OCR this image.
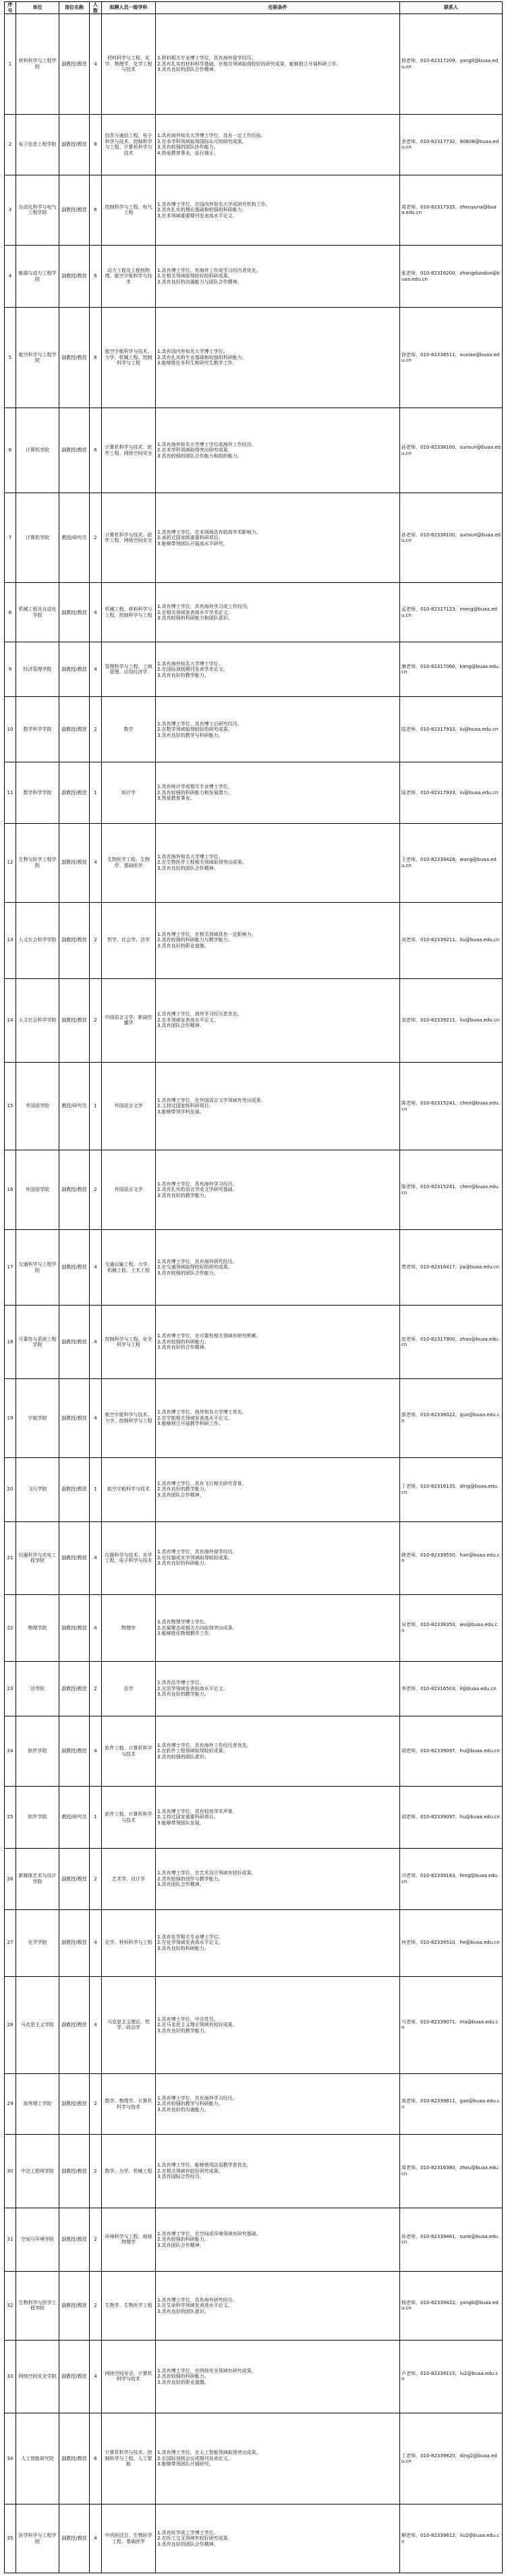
序号	单位	岗位名称	人数	拟聘人员一级学科	任职条件	联系人
1	材料科学与工程学院	副教授/教授	4	材料科学与工程、化学、物理学、化学工程与技术	1.材料相关专业博士学位，具有海外留学经历。
2.具有扎实的材料科学基础，在相关领域取得较好的研究成果，能够独立开展科研工作。
3.具有良好的团队合作精神。	杨老师，010-62317209，yangll@buaa.edu.cn
2	电子信息工程学院	副教授/教授	8	信息与通信工程、电子科学与技术、控制科学与工程、计算机科学与技术	1.具有海外知名大学博士学位，具有一定工作经验。
2.在本学科领域取得国际认可的研究成果。
3.具有较强的团队协作能力。
4.热爱教育事业，品行端正。	余老师，010-82317732，90608@buaa.edu.cn
3	自动化科学与电气工程学院	副教授/教授	6	控制科学与工程、电气工程	1.具有博士学位，在国内外知名大学或研究机构工作。
2.具有扎实的理论基础和较强的科研能力。
3.在本领域重要期刊发表高水平论文。	周老师，010-82317325，zhouyuna@buaa.edu.cn
4	能源与动力工程学院	副教授/教授	6	动力工程及工程热物理、航空宇航科学与技术	1.具有博士学位，有海外工作或学习经历者优先。
2.在相关领域取得较好的科研成果。
3.具有良好的沟通能力与团队合作精神。	张老师，010-82316200，zhangduoduo@buaa.edu.cn
5	航空科学与工程学院	副教授/教授	6	航空宇航科学与技术、力学、机械工程、控制科学与工程	1.具有国内外知名大学博士学位。
2.具有扎实的专业基础和较强的科研能力。
3.能够胜任本科生和研究生教学工作。	徐老师，010-82338511，xuxiao@buaa.edu.cn
6	计算机学院	副教授/教授	6	计算机科学与技术、软件工程、网络空间安全	1.具有海外知名大学博士学位或海外工作经历。
2.在本学科领域取得突出研究成果。
3.具有较强的团队合作能力和组织能力。	孙老师，010-82338100，sunsun@buaa.edu.cn
7	计算机学院	教授/研究员	2	计算机科学与技术、软件工程、网络空间安全	1.具有博士学位，在本领域具有较高学术影响力。
2.承担过国家级重要科研项目。
3.能够带领团队开展高水平研究。	孙老师，010-82338100，sunsun@buaa.edu.cn
8	机械工程及自动化学院	副教授/教授	4	机械工程、材料科学与工程、控制科学与工程	1.具有博士学位，具有海外学习或工作经历。
2.在相关领域发表高水平学术论文。
3.具有较强的科研能力和团队意识。	孟老师，010-82317123，meng@buaa.edu.cn
9	经济管理学院	副教授/教授	4	管理科学与工程、工商管理、应用经济学	1.具有海外知名大学博士学位。
2.在国际顶级期刊发表学术论文。
3.具有良好的教学能力。	康老师，010-82317060，kang@buaa.edu.cn
10	数学科学学院	副教授/教授	2	数学	1.具有博士学位，具有博士后研究经历。
2.在数学领域取得较好的研究成果。
3.具有良好的教学与科研能力。	陆老师，010-82317933，lu@buaa.edu.cn
11	数学科学学院	副教授/教授	1	统计学	1.具有统计学或相关专业博士学位。
2.具有较强的科研能力和发展潜力。
3.热爱教育事业。	陆老师，010-82317933，lu@buaa.edu.cn
12	生物与医学工程学院	副教授/教授	4	生物医学工程、生物学、基础医学	1.具有海外知名大学博士学位。
2.在生物医学工程相关领域取得突出成果。
3.具有良好的团队合作精神。	王老师，010-82339428，wang@buaa.edu.cn
13	人文社会科学学院	副教授/教授	2	哲学、社会学、法学	1.具有博士学位，在相关领域具有一定影响力。
2.具有较强的科研能力与教学能力。
3.具有良好的职业道德。	刘老师，010-82339211，liu@buaa.edu.cn
14	人文社会科学学院	副教授/教授	2	中国语言文学、新闻传播学	1.具有博士学位，海外学习经历者优先。
2.在本领域发表高水平论文。
3.具有团队合作精神。	刘老师，010-82339211，liu@buaa.edu.cn
15	外国语学院	教授/研究员	1	外国语言文学	1.具有博士学位，在外国语言文学领域有突出成果。
2.主持过国家级科研项目。
3.能够带领学科发展。	陈老师，010-82315241，chen@buaa.edu.cn
16	外国语学院	副教授/教授	2	外国语言文学	1.具有博士学位，具有海外学习经历。
2.具有扎实的语言学或文学研究基础。
3.具有良好的教学能力。	陈老师，010-82315241，chen@buaa.edu.cn
17	交通科学与工程学院	副教授/教授	4	交通运输工程、力学、机械工程、土木工程	1.具有博士学位，具有海外研究经历。
2.在交通领域取得较好的研究成果。
3.具有较强的团队合作能力。	贾老师，010-82316417，jia@buaa.edu.cn
18	可靠性与系统工程学院	副教授/教授	4	控制科学与工程、安全科学与工程	1.具有博士学位，在可靠性相关领域有研究积累。
2.具有较强的科研能力。
3.具有良好的合作精神。	赵老师，010-82317900，zhao@buaa.edu.cn
19	宇航学院	副教授/教授	4	航空宇航科学与技术、力学、控制科学与工程	1.具有博士学位，海外知名大学博士优先。
2.在宇航相关领域发表高水平论文。
3.能够独立开展教学科研工作。	郭老师，010-82338022，guo@buaa.edu.cn
20	飞行学院	副教授/教授	1	航空宇航科学与技术	1.具有博士学位，具有飞行相关研究背景。
2.具有良好的教学能力。
3.具有团队合作精神。	丁老师，010-82316135，ding@buaa.edu.cn
21	仪器科学与光电工程学院	副教授/教授	4	仪器科学与技术、光学工程、电子科学与技术	1.具有博士学位，具有海外留学经历。
2.在仪器或光学领域取得较好成果。
3.具有良好的科研能力。	韩老师，010-82339550，han@buaa.edu.cn
22	物理学院	副教授/教授	4	物理学	1.具有物理学博士学位。
2.在凝聚态或相关方向取得突出成果。
3.能够胜任物理教学工作。	吴老师，010-82338350，wu@buaa.edu.cn
23	法学院	副教授/教授	2	法学	1.具有法学博士学位。
2.在法学领域发表较高水平论文。
3.具有良好的教学能力。	李老师，010-82316503，li@buaa.edu.cn
24	软件学院	副教授/教授	4	软件工程、计算机科学与技术	1.具有博士学位，具有海外工作经历者优先。
2.在软件工程领域取得较好成果。
3.具有较强的团队意识。	胡老师，010-82339097，hu@buaa.edu.cn
25	软件学院	教授/研究员	1	软件工程、计算机科学与技术	1.具有博士学位，具有较高学术声誉。
2.主持过国家重要科研项目。
3.能够带领团队发展。	胡老师，010-82339097，hu@buaa.edu.cn
26	新媒体艺术与设计学院	副教授/教授	2	艺术学、设计学	1.具有博士学位，在艺术设计领域有较好成果。
2.具有较强的创作与教学能力。
3.具有团队合作精神。	冯老师，010-82339183，feng@buaa.edu.cn
27	化学学院	副教授/教授	4	化学、材料科学与工程	1.具有化学相关专业博士学位。
2.在化学领域发表高水平论文。
3.具有良好的科研能力。	何老师，010-82339510，he@buaa.edu.cn
28	马克思主义学院	副教授/教授	4	马克思主义理论、哲学、政治学	1.具有博士学位，中共党员。
2.在马克思主义理论领域有较好成果。
3.具有良好的教学能力。	马老师，010-82339071，ma@buaa.edu.cn
29	高等理工学院	副教授/教授	2	数学、物理学、计算机科学与技术	1.具有博士学位，具有海外学习经历。
2.具有较强的教学与科研能力。
3.具有良好的沟通能力。	高老师，010-82339811，gao@buaa.edu.cn
30	中法工程师学院	副教授/教授	2	数学、力学、机械工程	1.具有博士学位，能够使用法语教学者优先。
2.在相关领域有较好研究成果。
3.具有国际合作经历。	周老师，010-82316380，zhou@buaa.edu.cn
31	空间与环境学院	副教授/教授	2	环境科学与工程、地球物理学	1.具有博士学位，在空间或环境领域有研究基础。
2.具有较强的科研能力。
3.具有团队合作精神。	孙老师，010-82339461，sunk@buaa.edu.cn
32	生物科学与医学工程学院	副教授/教授	2	生物学、生物医学工程	1.具有博士学位，具有海外研究经历。
2.在生命科学领域发表高水平论文。
3.具有良好的团队意识。	杨老师，010-82339422，yangb@buaa.edu.cn
33	网络空间安全学院	副教授/教授	4	网络空间安全、计算机科学与技术	1.具有博士学位，在网络安全领域有研究成果。
2.具有较强的科研能力。
3.具有良好的职业道德。	卢老师，010-82339115，lu2@buaa.edu.cn
34	人工智能研究院	副教授/教授	6	计算机科学与技术、控制科学与工程、人工智能	1.具有博士学位，在人工智能领域取得突出成果。
2.在国际顶级会议或期刊发表论文。
3.能够带领团队开展研究。	丁老师，010-82339820，ding2@buaa.edu.cn
35	医学科学与工程学院	副教授/教授	4	中西医结合、生物医学工程、基础医学	1.具有医学或工学博士学位。
2.在医工交叉领域有较好研究成果。
3.具有良好的团队合作精神。	柳老师，010-82339612，liu2@buaa.edu.cn
